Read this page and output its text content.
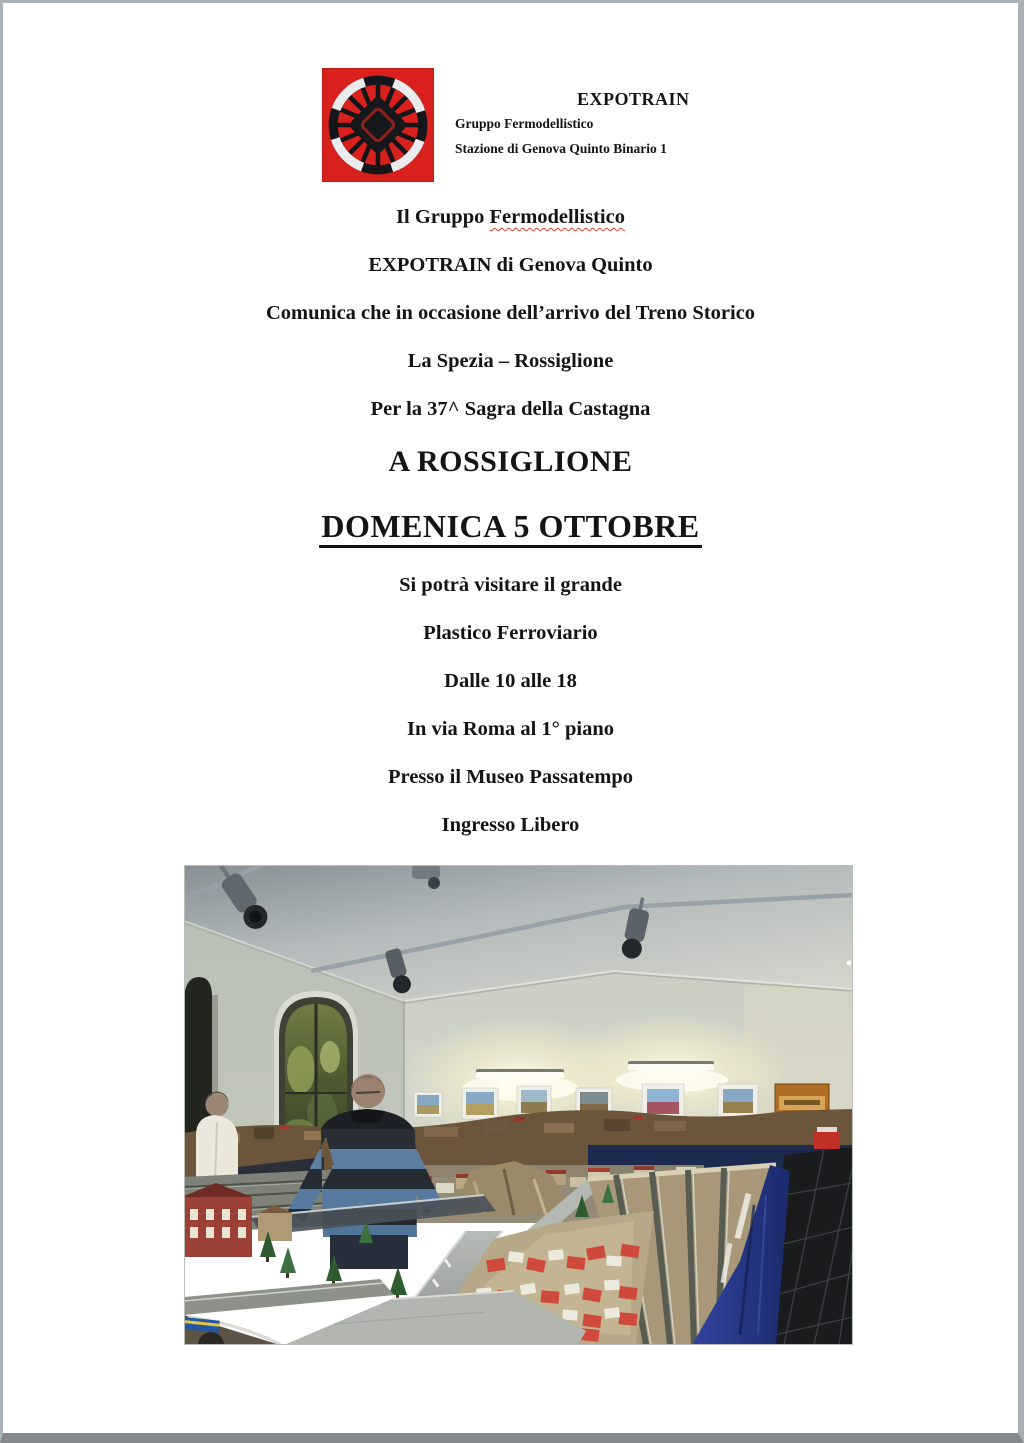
EXPOTRAIN
Gruppo Fermodellistico
Stazione di Genova Quinto Binario 1
Il Gruppo Fermodellistico
EXPOTRAIN di Genova Quinto
Comunica che in occasione dell’arrivo del Treno Storico
La Spezia – Rossiglione
Per la 37^ Sagra della Castagna
A ROSSIGLIONE
DOMENICA 5 OTTOBRE
Si potrà visitare il grande
Plastico Ferroviario
Dalle 10 alle 18
In via Roma al 1° piano
Presso il Museo Passatempo
Ingresso Libero
